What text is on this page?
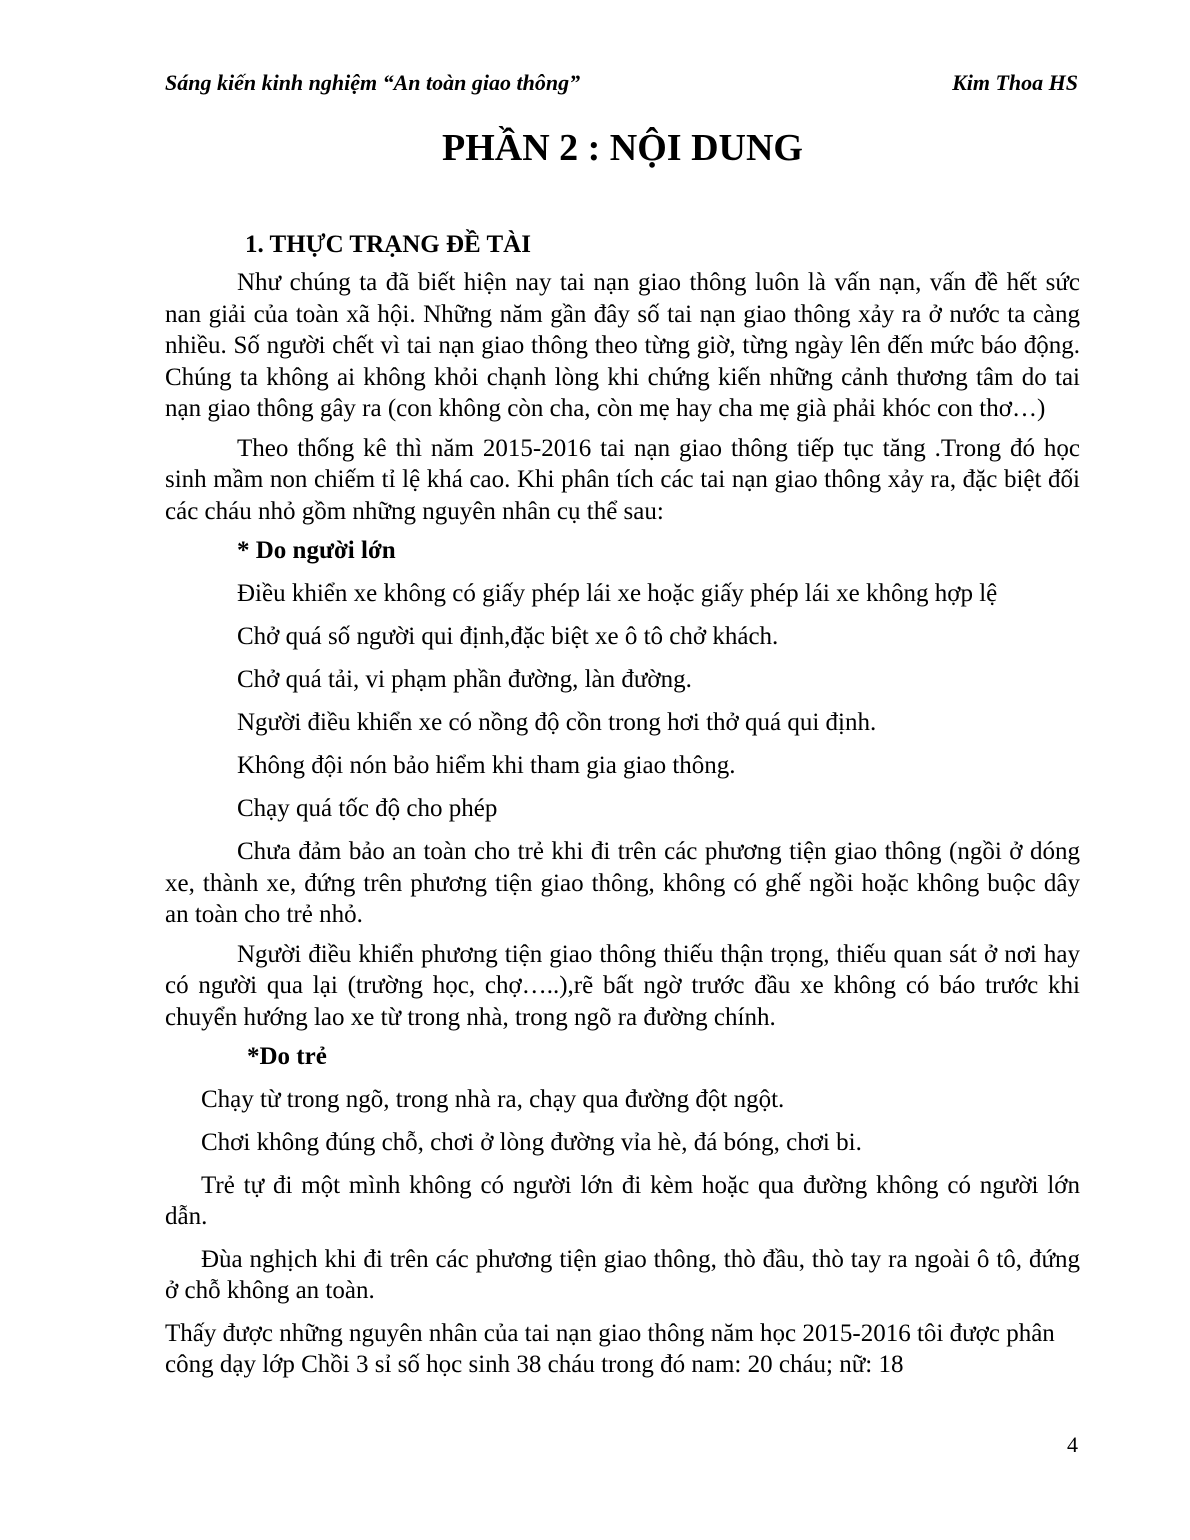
Sáng kiến kinh nghiệm “An toàn giao thông”	Kim Thoa HS
PHẦN 2 : NỘI DUNG
1. THỰC TRẠNG ĐỀ TÀI

Như chúng ta đã biết hiện nay tai nạn giao thông luôn là vấn nạn, vấn đề hết sức nan giải của toàn xã hội. Những năm gần đây số tai nạn giao thông xảy ra ở nước ta càng nhiều. Số người chết vì tai nạn giao thông theo từng giờ, từng ngày lên đến mức báo động. Chúng ta không ai không khỏi chạnh lòng khi chứng kiến những cảnh thương tâm do tai nạn giao thông gây ra (con không còn cha, còn mẹ hay cha mẹ già phải khóc con thơ…)

Theo thống kê thì năm 2015-2016 tai nạn giao thông tiếp tục tăng .Trong đó học sinh mầm non chiếm tỉ lệ khá cao. Khi phân tích các tai nạn giao thông xảy ra, đặc biệt đối các cháu nhỏ gồm những nguyên nhân cụ thể sau:

* Do người lớn
Điều khiển xe không có giấy phép lái xe hoặc giấy phép lái xe không hợp lệ
Chở quá số người qui định,đặc biệt xe ô tô chở khách.
Chở quá tải, vi phạm phần đường, làn đường.
Người điều khiển xe có nồng độ cồn trong hơi thở quá qui định.
Không đội nón bảo hiểm khi tham gia giao thông.
Chạy quá tốc độ cho phép

Chưa đảm bảo an toàn cho trẻ khi đi trên các phương tiện giao thông (ngồi ở dóng xe, thành xe, đứng trên phương tiện giao thông, không có ghế ngồi hoặc không buộc dây an toàn cho trẻ nhỏ.

Người điều khiển phương tiện giao thông thiếu thận trọng, thiếu quan sát ở nơi hay có người qua lại (trường học, chợ…..),rẽ bất ngờ trước đầu xe không có báo trước khi chuyển hướng lao xe từ trong nhà, trong ngõ ra đường chính.

*Do trẻ
Chạy từ trong ngõ, trong nhà ra, chạy qua đường đột ngột.
Chơi không đúng chỗ, chơi ở lòng đường vỉa hè, đá bóng, chơi bi.
Trẻ tự đi một mình không có người lớn đi kèm hoặc qua đường không có người lớn dẫn.
Đùa nghịch khi đi trên các phương tiện giao thông, thò đầu, thò tay ra ngoài ô tô, đứng ở chỗ không an toàn.

Thấy được những nguyên nhân của tai nạn giao thông năm học 2015-2016 tôi được phân công dạy lớp Chồi 3 sỉ số học sinh 38 cháu trong đó nam: 20 cháu; nữ: 18

4
